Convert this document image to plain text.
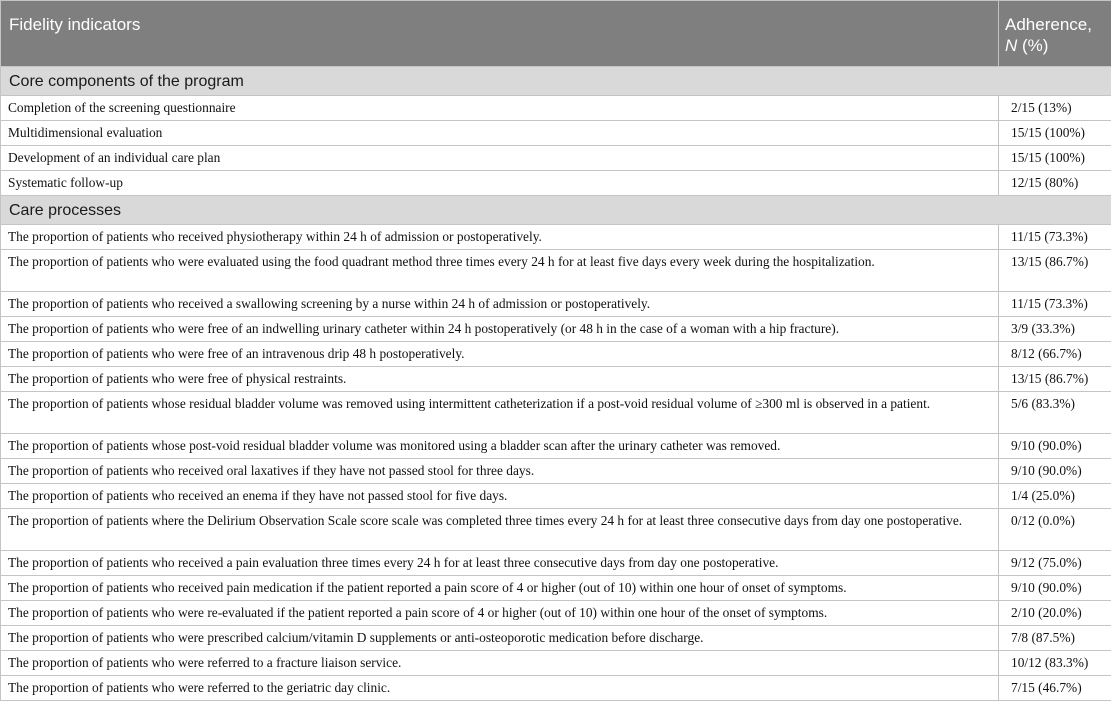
Fidelity indicators	Adherence,
N (%)
Core components of the program	
Completion of the screening questionnaire	2/15 (13%)
Multidimensional evaluation	15/15 (100%)
Development of an individual care plan	15/15 (100%)
Systematic follow-up	12/15 (80%)
Care processes	
The proportion of patients who received physiotherapy within 24 h of admission or postoperatively.	11/15 (73.3%)
The proportion of patients who were evaluated using the food quadrant method three times every 24 h for at least five days every week during the hospitalization.	13/15 (86.7%)
The proportion of patients who received a swallowing screening by a nurse within 24 h of admission or postoperatively.	11/15 (73.3%)
The proportion of patients who were free of an indwelling urinary catheter within 24 h postoperatively (or 48 h in the case of a woman with a hip fracture).	3/9 (33.3%)
The proportion of patients who were free of an intravenous drip 48 h postoperatively.	8/12 (66.7%)
The proportion of patients who were free of physical restraints.	13/15 (86.7%)
The proportion of patients whose residual bladder volume was removed using intermittent catheterization if a post-void residual volume of ≥300 ml is observed in a patient.	5/6 (83.3%)
The proportion of patients whose post-void residual bladder volume was monitored using a bladder scan after the urinary catheter was removed.	9/10 (90.0%)
The proportion of patients who received oral laxatives if they have not passed stool for three days.	9/10 (90.0%)
The proportion of patients who received an enema if they have not passed stool for five days.	1/4 (25.0%)
The proportion of patients where the Delirium Observation Scale score scale was completed three times every 24 h for at least three consecutive days from day one postoperative.	0/12 (0.0%)
The proportion of patients who received a pain evaluation three times every 24 h for at least three consecutive days from day one postoperative.	9/12 (75.0%)
The proportion of patients who received pain medication if the patient reported a pain score of 4 or higher (out of 10) within one hour of onset of symptoms.	9/10 (90.0%)
The proportion of patients who were re-evaluated if the patient reported a pain score of 4 or higher (out of 10) within one hour of the onset of symptoms.	2/10 (20.0%)
The proportion of patients who were prescribed calcium/vitamin D supplements or anti-osteoporotic medication before discharge.	7/8 (87.5%)
The proportion of patients who were referred to a fracture liaison service.	10/12 (83.3%)
The proportion of patients who were referred to the geriatric day clinic.	7/15 (46.7%)
